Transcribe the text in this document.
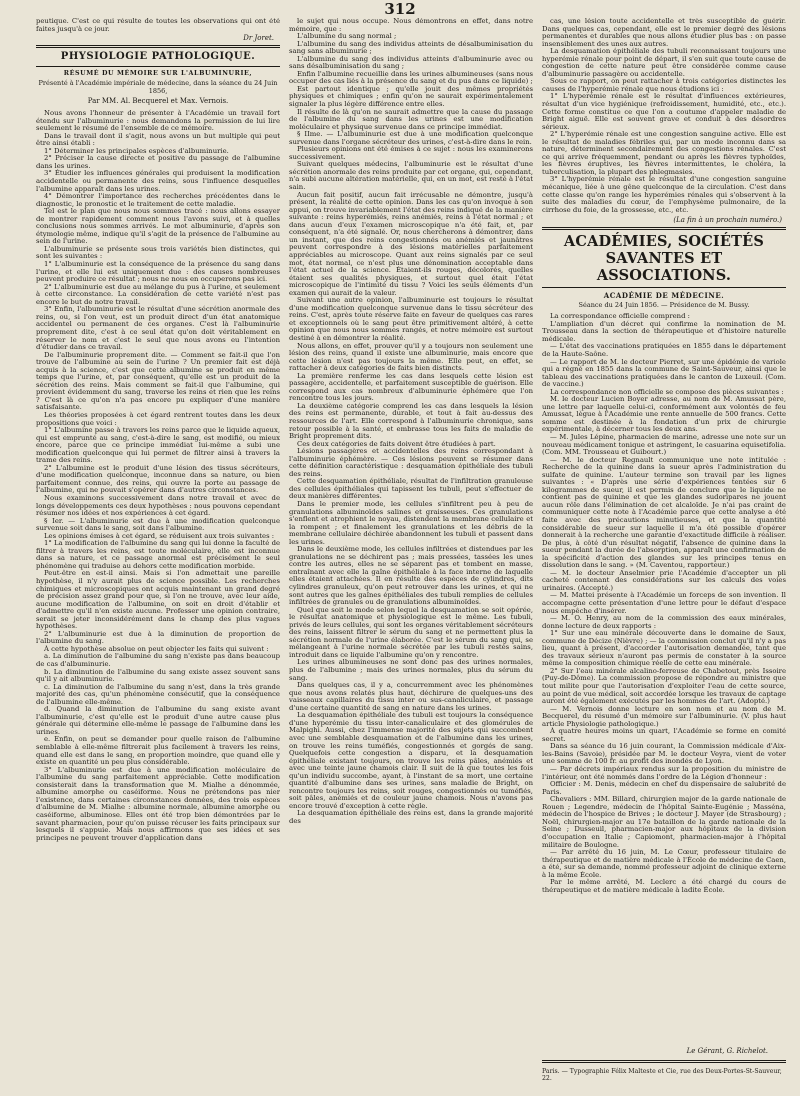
312

peutique. C'est ce qui résulte de toutes les observations qui ont été faites jusqu'à ce jour.

Dr Joret.
PHYSIOLOGIE PATHOLOGIQUE.
RÉSUMÉ DU MÉMOIRE SUR L'ALBUMINURIE,
Présenté à l'Académie impériale de médecine, dans la séance du 24 Juin 1856,
Par MM. Al. Becquerel et Max. Vernois.

Nous avons l'honneur de présenter à l'Académie un travail fort étendu sur l'albuminurie : nous demandons la permission de lui lire seulement le résumé de l'ensemble de ce mémoire.

Dans le travail dont il s'agit, nous avons un but multiple qui peut être ainsi établi :

1° Déterminer les principales espèces d'albuminurie.

2° Préciser la cause directe et positive du passage de l'albumine dans les urines.

3° Étudier les influences générales qui produisent la modification accidentelle ou permanente des reins, sous l'influence desquelles l'albumine apparaît dans les urines.

4° Démontrer l'importance des recherches précédentes dans le diagnostic, le pronostic et le traitement de cette maladie.

Tel est le plan que nous nous sommes tracé : nous allons essayer de montrer rapidement comment nous l'avons suivi, et à quelles conclusions nous sommes arrivés. Le mot albuminurie, d'après son étymologie même, indique qu'il s'agit de la présence de l'albumine au sein de l'urine.

L'albuminurie se présente sous trois variétés bien distinctes, qui sont les suivantes :

1° L'albuminurie est la conséquence de la présence du sang dans l'urine, et elle lui est uniquement due : des causes nombreuses peuvent produire ce résultat ; nous ne nous en occuperons pas ici.

2° L'albuminurie est due au mélange du pus à l'urine, et seulement à cette circonstance. La considération de cette variété n'est pas encore le but de notre travail.

3° Enfin, l'albuminurie est le résultat d'une sécrétion anormale des reins, ou, si l'on veut, est un produit direct d'un état anatomique accidentel ou permanent de ces organes. C'est là l'albuminurie proprement dite, c'est à ce seul état qu'on doit véritablement en réserver le nom et c'est le seul que nous avons eu l'intention d'étudier dans ce travail.

De l'albuminurie proprement dite. — Comment se fait-il que l'on trouve de l'albumine au sein de l'urine ? Un premier fait est déjà acquis à la science, c'est que cette albumine se produit en même temps que l'urine, et, par conséquent, qu'elle est un produit de la sécrétion des reins. Mais comment se fait-il que l'albumine, qui provient évidemment du sang, traverse les reins et rien que les reins ? C'est là ce qu'on n'a pas encore pu expliquer d'une manière satisfaisante.

Les théories proposées à cet égard rentrent toutes dans les deux propositions que voici :

1° L'albumine passe à travers les reins parce que le liquide aqueux, qui est emprunté au sang, c'est-à-dire le sang, est modifié, ou mieux encore, parce que ce principe immédiat lui-même a subi une modification quelconque qui lui permet de filtrer ainsi à travers la trame des reins.

2° L'albumine est le produit d'une lésion des tissus sécréteurs, d'une modification quelconque, inconnue dans sa nature, ou bien parfaitement connue, des reins, qui ouvre la porte au passage de l'albumine, qui ne pouvait s'opérer dans d'autres circonstances.

Nous examinons successivement dans notre travail et avec de longs développements ces deux hypothèses : nous pouvons cependant résumer nos idées et nos expériences à cet égard.

§ Ier. — L'albuminurie est due à une modification quelconque survenue soit dans le sang, soit dans l'albumine.

Les opinions émises à cet égard, se réduisent aux trois suivantes :

1° La modification de l'albumine du sang qui lui donne la faculté de filtrer à travers les reins, est toute moléculaire, elle est inconnue dans sa nature, et ce passage anormal est précisément le seul phénomène qui traduise au dehors cette modification morbide.

Peut-être en est-il ainsi. Mais si l'on admettait une pareille hypothèse, il n'y aurait plus de science possible. Les recherches chimiques et microscopiques ont acquis maintenant un grand degré de précision assez grand pour que, si l'on ne trouve, avec leur aide, aucune modification de l'albumine, on soit en droit d'établir et d'admettre qu'il n'en existe aucune. Professer une opinion contraire, serait se jeter inconsidérément dans le champ des plus vagues hypothèses.

2° L'albuminurie est due à la diminution de proportion de l'albumine du sang.

À cette hypothèse absolue on peut objecter les faits qui suivent :

a. La diminution de l'albumine du sang n'existe pas dans beaucoup de cas d'albuminurie.

b. La diminution de l'albumine du sang existe assez souvent sans qu'il y ait albuminurie.

c. La diminution de l'albumine du sang n'est, dans la très grande majorité des cas, qu'un phénomène consécutif, que la conséquence de l'albumine elle-même.

d. Quand la diminution de l'albumine du sang existe avant l'albuminurie, c'est qu'elle est le produit d'une autre cause plus générale qui détermine elle-même le passage de l'albumine dans les urines.

e. Enfin, on peut se demander pour quelle raison de l'albumine semblable à elle-même filtrerait plus facilement à travers les reins, quand elle est dans le sang, en proportion moindre, que quand elle y existe en quantité un peu plus considérable.

3° L'albuminurie est due à une modification moléculaire de l'albumine du sang parfaitement appréciable. Cette modification consisterait dans la transformation que M. Mialhe a dénommée, albumine amorphe ou caséiforme. Nous ne prétendons pas nier l'existence, dans certaines circonstances données, des trois espèces d'albumine de M. Mialhe : albumine normale, albumine amorphe ou caséiforme, albuminose. Elles ont été trop bien démontrées par le savant pharmacien, pour qu'on puisse récuser les faits principaux sur lesquels il s'appuie. Mais nous affirmons que ses idées et ses principes ne peuvent trouver d'application dans

le sujet qui nous occupe. Nous démontrons en effet, dans notre mémoire, que :

L'albumine du sang normal ;

L'albumine du sang des individus atteints de désalbuminisation du sang sans albuminurie ;

L'albumine du sang des individus atteints d'albuminurie avec ou sans désalbuminisation du sang ;

Enfin l'albumine recueillie dans les urines albumineuses (sans nous occuper des cas liés à la présence du sang et du pus dans ce liquide) ;

Est partout identique ; qu'elle jouit des mêmes propriétés physiques et chimiques ; enfin qu'on ne saurait expérimentalement signaler la plus légère différence entre elles.

Il résulte de là qu'on ne saurait admettre que la cause du passage de l'albumine du sang dans les urines est une modification moléculaire et physique survenue dans ce principe immédiat.

§ IIme. — L'albuminurie est due à une modification quelconque survenue dans l'organe sécréteur des urines, c'est-à-dire dans le rein.

Plusieurs opinions ont été émises à ce sujet : nous les examinerons successivement.

Suivant quelques médecins, l'albuminurie est le résultat d'une sécrétion anormale des reins produite par cet organe, qui, cependant, n'a subi aucune altération matérielle, qui, en un mot, est resté à l'état sain.

Aucun fait positif, aucun fait irrécusable ne démontre, jusqu'à présent, la réalité de cette opinion. Dans les cas qu'on invoque à son appui, on trouve invariablement l'état des reins indiqué de la manière suivante : reins hyperémiés, reins anémiés, reins à l'état normal ; et dans aucun d'eux l'examen microscopique n'a été fait, et, par conséquent, n'a été signalé. Or, nous chercherons à démontrer, dans un instant, que des reins congestionnés ou anémiés et jaunâtres peuvent correspondre à des lésions matérielles parfaitement appréciables au microscope. Quant aux reins signalés par ce seul mot, état normal, ce n'est plus une dénomination acceptable dans l'état actuel de la science. Étaient-ils rouges, décolorés, quelles étaient ses qualités physiques, et surtout quel était l'état microscopique de l'intimité du tissu ? Voici les seuls éléments d'un examen qui aurait de la valeur.

Suivant une autre opinion, l'albuminurie est toujours le résultat d'une modification quelconque survenue dans le tissu sécréteur des reins. C'est, après toute réserve faite en faveur de quelques cas rares et exceptionnels où le sang peut être primitivement altéré, à cette opinion que nous nous sommes rangés, et notre mémoire est surtout destiné à en démontrer la réalité.

Nous allons, en effet, prouver qu'il y a toujours non seulement une lésion des reins, quand il existe une albuminurie, mais encore que cette lésion n'est pas toujours la même. Elle peut, en effet, se rattacher à deux catégories de faits bien distincts.

La première renferme les cas dans lesquels cette lésion est passagère, accidentelle, et parfaitement susceptible de guérison. Elle correspond aux cas nombreux d'albuminurie éphémère que l'on rencontre tous les jours.

La deuxième catégorie comprend les cas dans lesquels la lésion des reins est permanente, durable, et tout à fait au-dessus des ressources de l'art. Elle correspond à l'albuminurie chronique, sans retour possible à la santé, et embrasse tous les faits de maladie de Bright proprement dits.

Ces deux catégories de faits doivent être étudiées à part.

Lésions passagères et accidentelles des reins correspondant à l'albuminurie éphémère. — Ces lésions peuvent se résumer dans cette définition caractéristique : desquamation épithéliale des tubuli des reins.

Cette desquamation épithéliale, résultat de l'infiltration granuleuse des cellules épithéliales qui tapissent les tubuli, peut s'effectuer de deux manières différentes.

Dans le premier mode, les cellules s'infiltrent peu à peu de granulations albuminoïdes salines et graisseuses. Ces granulations s'enflent et atrophient le noyau, distendent la membrane cellulaire et la rompent ; et finalement les granulations et les débris de la membrane cellulaire déchirée abandonnent les tubuli et passent dans les urines.

Dans le deuxième mode, les cellules infiltrées et distendues par les granulations ne se déchirent pas ; mais pressées, tassées les unes contre les autres, elles ne se séparent pas et tombent en masse, entraînant avec elle la gaîne épithéliale à la face interne de laquelle elles étaient attachées. Il en résulte des espèces de cylindres, dits cylindres granuleux, qu'on peut retrouver dans les urines, et qui ne sont autres que les gaînes épithéliales des tubuli remplies de cellules infiltrées de granules ou de granulations albuminoïdes.

Quel que soit le mode selon lequel la desquamation se soit opérée, le résultat anatomique et physiologique est le même. Les tubuli, privés de leurs cellules, qui sont les organes véritablement sécréteurs des reins, laissent filtrer le sérum du sang et ne permettent plus la sécrétion normale de l'urine élaborée. C'est le sérum du sang qui, se mélangeant à l'urine normale sécrétée par les tubuli restés sains, introduit dans ce liquide l'albumine qu'on y rencontre.

Les urines albumineuses ne sont donc pas des urines normales, plus de l'albumine ; mais des urines normales, plus du sérum du sang.

Dans quelques cas, il y a, concurremment avec les phénomènes que nous avons relatés plus haut, déchirure de quelques-uns des vaisseaux capillaires du tissu inter ou sus-canaliculaire, et passage d'une certaine quantité de sang en nature dans les urines.

La desquamation épithéliale des tubuli est toujours la conséquence d'une hyperémie du tissu inter-canaliculaire et des glomérules de Malpighi. Aussi, chez l'immense majorité des sujets qui succombent avec une semblable desquamation et de l'albumine dans les urines, on trouve les reins tuméfiés, congestionnés et gorgés de sang. Quelquefois cette congestion a disparu, et la desquamation épithéliale existant toujours, on trouve les reins pâles, anémiés et avec une teinte jaune chamois clair. Il suit de là que toutes les fois qu'un individu succombe, ayant, à l'instant de sa mort, une certaine quantité d'albumine dans ses urines, sans maladie de Bright, on rencontre toujours les reins, soit rouges, congestionnés ou tuméfiés, soit pâles, anémiés et de couleur jaune chamois. Nous n'avons pas encore trouvé d'exception à cette règle.

La desquamation épithéliale des reins est, dans la grande majorité des

cas, une lésion toute accidentelle et très susceptible de guérir. Dans quelques cas, cependant, elle est le premier degré des lésions permanentes et durables que nous allons étudier plus bas : on passe insensiblement des unes aux autres.

La desquamation épithéliale des tubuli reconnaissant toujours une hyperémie rénale pour point de départ, il s'en suit que toute cause de congestion de cette nature peut être considérée comme cause d'albuminurie passagère ou accidentelle.

Sous ce rapport, on peut rattacher à trois catégories distinctes les causes de l'hyperémie rénale que nous étudions ici :

1° L'hyperémie rénale est le résultat d'influences extérieures, résultat d'un vice hygiénique (refroidissement, humidité, etc., etc.). Cette forme constitue ce que l'on a coutume d'appeler maladie de Bright aiguë. Elle est souvent grave et conduit à des désordres sérieux.

2° L'hyperémie rénale est une congestion sanguine active. Elle est le résultat de maladies fébriles qui, par un mode inconnu dans sa nature, déterminent secondairement des congestions rénales. C'est ce qui arrive fréquemment, pendant ou après les fièvres typhoïdes, les fièvres éruptives, les fièvres intermittentes, le choléra, la tuberculisation, la plupart des phlegmasies.

3° L'hyperémie rénale est le résultat d'une congestion sanguine mécanique, liée à une gêne quelconque de la circulation. C'est dans cette classe qu'on range les hyperémies rénales qui s'observent à la suite des maladies du cœur, de l'emphysème pulmonaire, de la cirrhose du foie, de la grossesse, etc., etc.

(La fin à un prochain numéro.)
ACADÉMIES, SOCIÉTÉS SAVANTES ET ASSOCIATIONS.
ACADÉMIE DE MÉDECINE.
Séance du 24 Juin 1856. — Présidence de M. Bussy.

La correspondance officielle comprend :

L'ampliation d'un décret qui confirme la nomination de M. Trousseau dans la section de thérapeutique et d'histoire naturelle médicale.

— L'état des vaccinations pratiquées en 1855 dans le département de la Haute-Saône.

— Le rapport de M. le docteur Pierret, sur une épidémie de variole qui a régné en 1855 dans la commune de Saint-Sauveur, ainsi que le tableau des vaccinations pratiquées dans le canton de Luxeuil. (Com. de vaccine.)

La correspondance non officielle se compose des pièces suivantes :

M. le docteur Lucien Boyer adresse, au nom de M. Amussat père, une lettre par laquelle celui-ci, conformément aux volontés de feu Amussat, lègue à l'Académie une rente annuelle de 500 francs. Cette somme est destinée à la fondation d'un prix de chirurgie expérimentale, à décerner tous les deux ans.

— M. Jules Lépine, pharmacien de marine, adresse une note sur un nouveau médicament tonique et astringent, le casuarina equisetifolia. (Com. MM. Trousseau et Guibourt.)

— M. le docteur Regnault communique une note intitulée : Recherche de la quinine dans la sueur après l'administration du sulfate de quinine. L'auteur termine son travail par les lignes suivantes : « D'après une série d'expériences tentées sur 6 kilogrammes de sueur, il est permis de conclure que le liquide ne contient pas de quinine et que les glandes sudoripares ne jouent aucun rôle dans l'élimination de cet alcaloïde. Je n'ai pas craint de communiquer cette note à l'Académie parce que cette analyse a été faite avec des précautions minutieuses, et que la quantité considérable de sueur sur laquelle il m'a été possible d'opérer donnerait à la recherche une garantie d'exactitude difficile à réaliser. De plus, à côté d'un résultat négatif, l'absence de quinine dans la sueur pendant la durée de l'absorption, apparaît une confirmation de la spécificité d'action des glandes sur les principes tenus en dissolution dans le sang. » (M. Caventou, rapporteur.)

— M. le docteur Anselmier prie l'Académie d'accepter un pli cacheté contenant des considérations sur les calculs des voies urinaires. (Accepté.)

— M. Mattei présente à l'Académie un forceps de son invention. Il accompagne cette présentation d'une lettre pour le défaut d'espace nous empêche d'insérer.

— M. O. Henry, au nom de la commission des eaux minérales, donne lecture de deux rapports :

1° Sur une eau minérale découverte dans le domaine de Saux, commune de Décize (Nièvre) ; — la commission conclut qu'il n'y a pas lieu, quant à présent, d'accorder l'autorisation demandée, tant que des travaux sérieux n'auront pas permis de constater à la source même la composition chimique réelle de cette eau minérale.

2° Sur l'eau minérale alcalino-ferreuse de Chabetout, près Issoire (Puy-de-Dôme). La commission propose de répondre au ministre que tout milite pour que l'autorisation d'exploiter l'eau de cette source, au point de vue médical, soit accordée lorsque les travaux de captage auront été également exécutés par les hommes de l'art. (Adopté.)

— M. Vernois donne lecture en son nom et au nom de M. Becquerel, du résumé d'un mémoire sur l'albuminurie. (V. plus haut article Physiologie pathologique.)

À quatre heures moins un quart, l'Académie se forme en comité secret.

Dans sa séance du 16 juin courant, la Commission médicale d'Aix-les-Bains (Savoie), présidée par M. le docteur Veyra, vient de voter une somme de 100 fr. au profit des inondés de Lyon.

— Par décrets impériaux rendus sur la proposition du ministre de l'intérieur, ont été nommés dans l'ordre de la Légion d'honneur :

Officier : M. Denis, médecin en chef du dispensaire de salubrité de Paris.

Chevaliers : MM. Billard, chirurgien major de la garde nationale de Rouen ; Legendre, médecin de l'hôpital Sainte-Eugénie ; Masséna, médecin de l'hospice de Brives ; le docteur J. Mayer (de Strasbourg) ; Noël, chirurgien-major au 17e bataillon de la garde nationale de la Seine ; Dusseuil, pharmacien-major aux hôpitaux de la division d'occupation en Italie ; Capiomont, pharmacien-major à l'hôpital militaire de Boulogne.

— Par arrêté du 16 juin, M. Le Cœur, professeur titulaire de thérapeutique et de matière médicale à l'École de médecine de Caen, a été, sur sa demande, nommé professeur adjoint de clinique externe à la même École.

Par le même arrêté, M. Leclerc a été chargé du cours de thérapeutique et de matière médicale à ladite École.

Le Gérant, G. Richelot.
Paris. — Typographie Félix Malteste et Cie, rue des Deux-Portes-St-Sauveur, 22.
